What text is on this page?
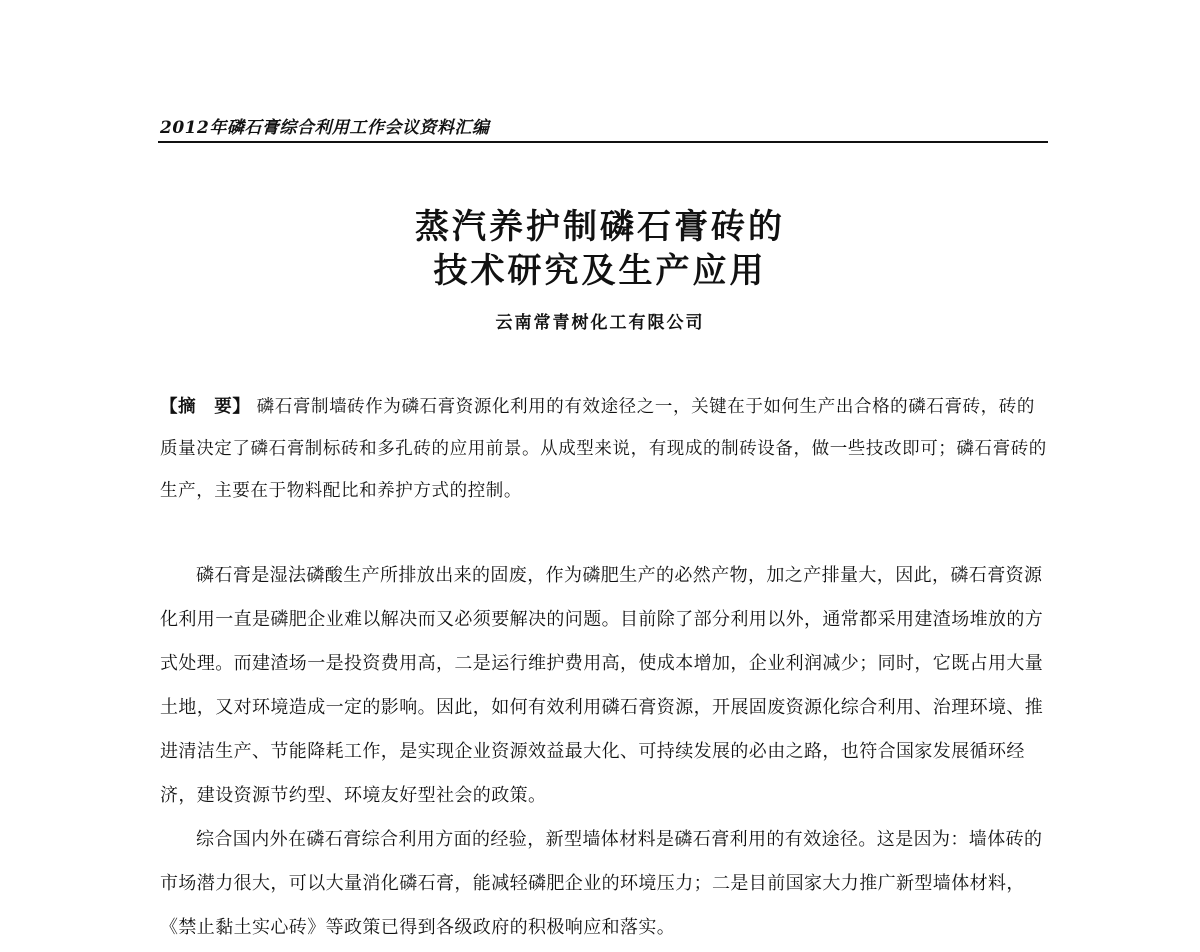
2012年磷石膏综合利用工作会议资料汇编
蒸汽养护制磷石膏砖的
技术研究及生产应用
云南常青树化工有限公司
【摘　要】 磷石膏制墙砖作为磷石膏资源化利用的有效途径之一，关键在于如何生产出合格的磷石膏砖，砖的质量决定了磷石膏制标砖和多孔砖的应用前景。从成型来说，有现成的制砖设备，做一些技改即可；磷石膏砖的生产，主要在于物料配比和养护方式的控制。

磷石膏是湿法磷酸生产所排放出来的固废，作为磷肥生产的必然产物，加之产排量大，因此，磷石膏资源化利用一直是磷肥企业难以解决而又必须要解决的问题。目前除了部分利用以外，通常都采用建渣场堆放的方式处理。而建渣场一是投资费用高，二是运行维护费用高，使成本增加，企业利润减少；同时，它既占用大量土地，又对环境造成一定的影响。因此，如何有效利用磷石膏资源，开展固废资源化综合利用、治理环境、推进清洁生产、节能降耗工作，是实现企业资源效益最大化、可持续发展的必由之路，也符合国家发展循环经济，建设资源节约型、环境友好型社会的政策。

综合国内外在磷石膏综合利用方面的经验，新型墙体材料是磷石膏利用的有效途径。这是因为：墙体砖的市场潜力很大，可以大量消化磷石膏，能减轻磷肥企业的环境压力；二是目前国家大力推广新型墙体材料，《禁止黏土实心砖》等政策已得到各级政府的积极响应和落实。
